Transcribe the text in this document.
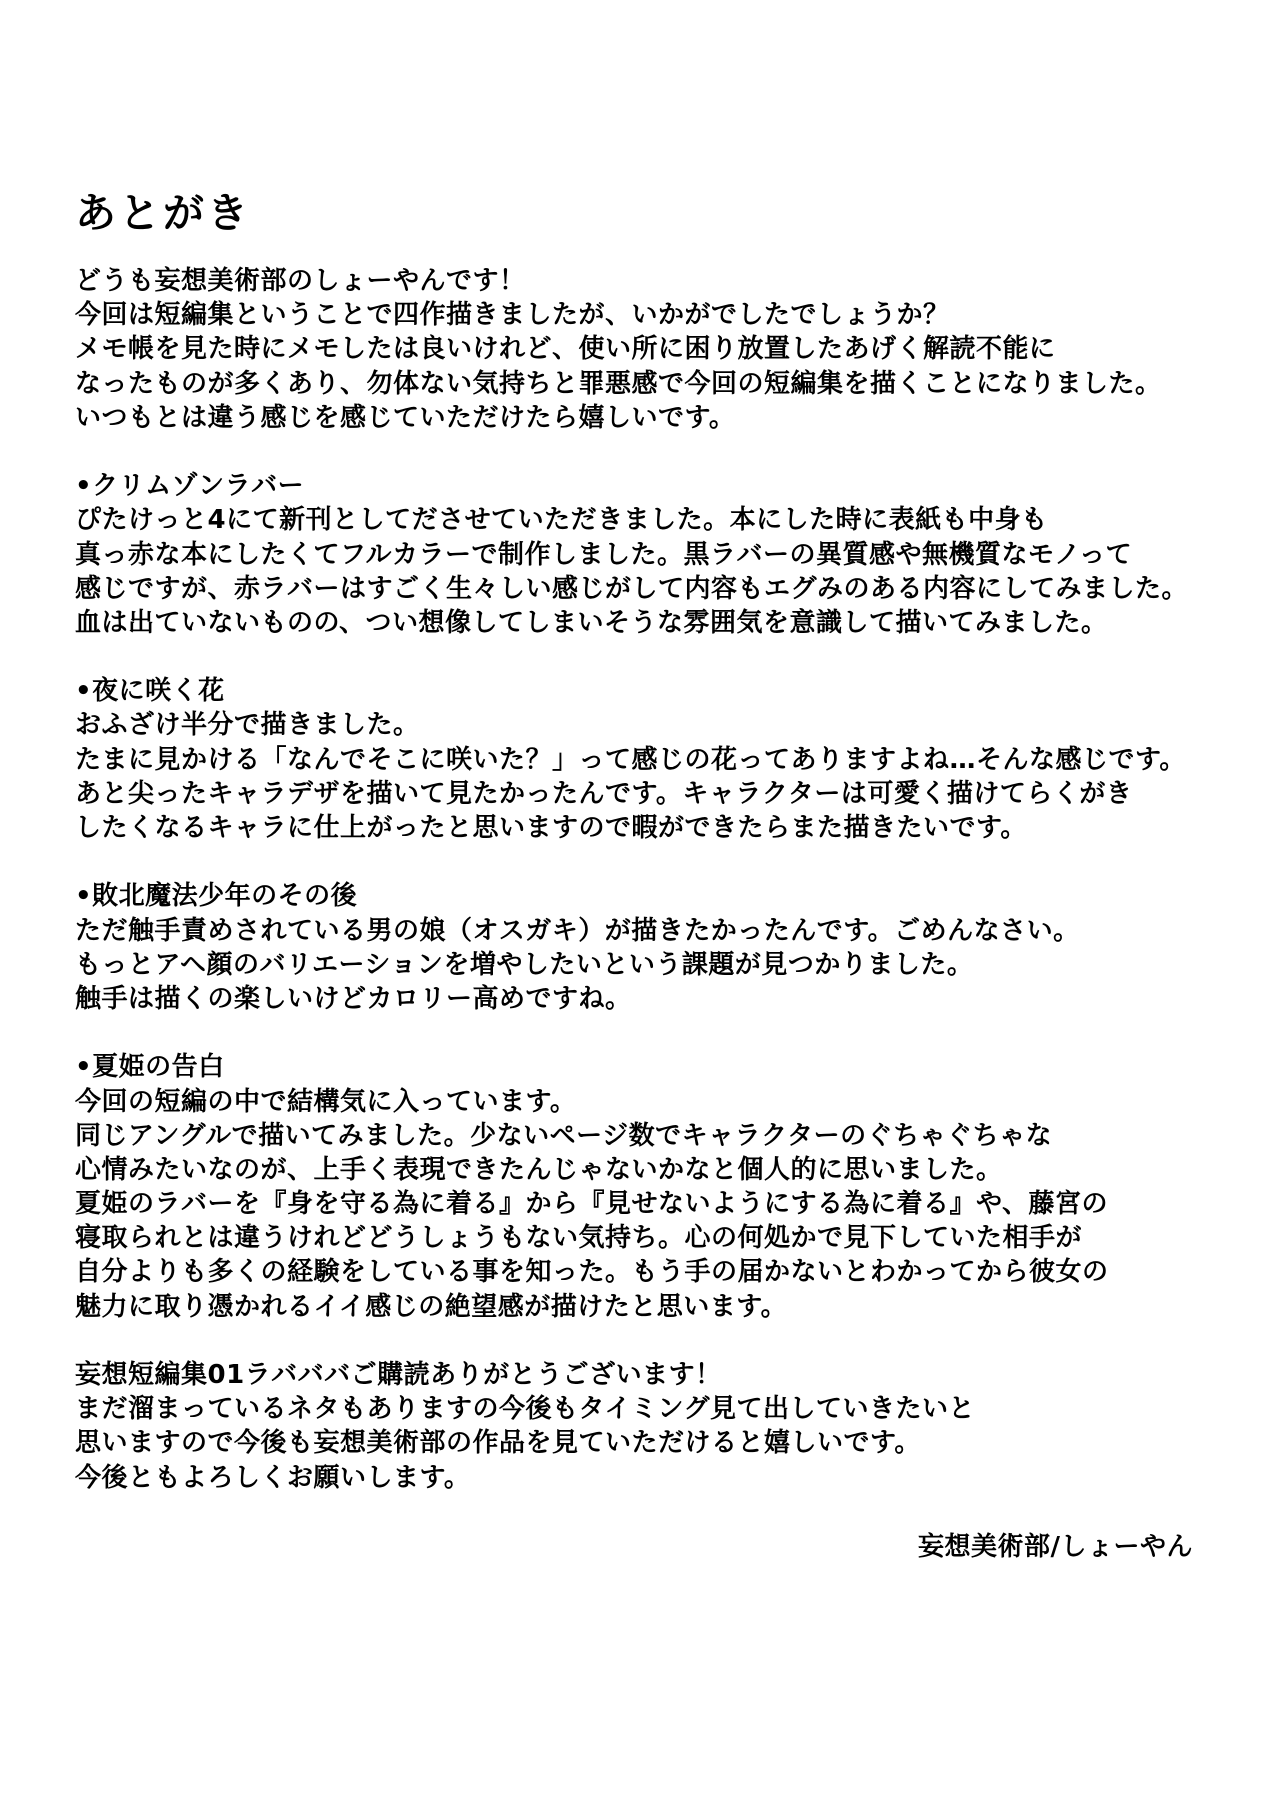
あとがき
どうも妄想美術部のしょーやんです！
今回は短編集ということで四作描きましたが、いかがでしたでしょうか？
メモ帳を見た時にメモしたは良いけれど、使い所に困り放置したあげく解読不能に
なったものが多くあり、勿体ない気持ちと罪悪感で今回の短編集を描くことになりました。
いつもとは違う感じを感じていただけたら嬉しいです。
•クリムゾンラバー
ぴたけっと4にて新刊としてださせていただきました。本にした時に表紙も中身も
真っ赤な本にしたくてフルカラーで制作しました。黒ラバーの異質感や無機質なモノって
感じですが、赤ラバーはすごく生々しい感じがして内容もエグみのある内容にしてみました。
血は出ていないものの、つい想像してしまいそうな雰囲気を意識して描いてみました。
•夜に咲く花
おふざけ半分で描きました。
たまに見かける「なんでそこに咲いた？」って感じの花ってありますよね…そんな感じです。
あと尖ったキャラデザを描いて見たかったんです。キャラクターは可愛く描けてらくがき
したくなるキャラに仕上がったと思いますので暇ができたらまた描きたいです。
•敗北魔法少年のその後
ただ触手責めされている男の娘（オスガキ）が描きたかったんです。ごめんなさい。
もっとアヘ顔のバリエーションを増やしたいという課題が見つかりました。
触手は描くの楽しいけどカロリー高めですね。
•夏姫の告白
今回の短編の中で結構気に入っています。
同じアングルで描いてみました。少ないページ数でキャラクターのぐちゃぐちゃな
心情みたいなのが、上手く表現できたんじゃないかなと個人的に思いました。
夏姫のラバーを『身を守る為に着る』から『見せないようにする為に着る』や、藤宮の
寝取られとは違うけれどどうしょうもない気持ち。心の何処かで見下していた相手が
自分よりも多くの経験をしている事を知った。もう手の届かないとわかってから彼女の
魅力に取り憑かれるイイ感じの絶望感が描けたと思います。
妄想短編集01ラバババご購読ありがとうございます！
まだ溜まっているネタもありますの今後もタイミング見て出していきたいと
思いますので今後も妄想美術部の作品を見ていただけると嬉しいです。
今後ともよろしくお願いします。
妄想美術部/しょーやん
